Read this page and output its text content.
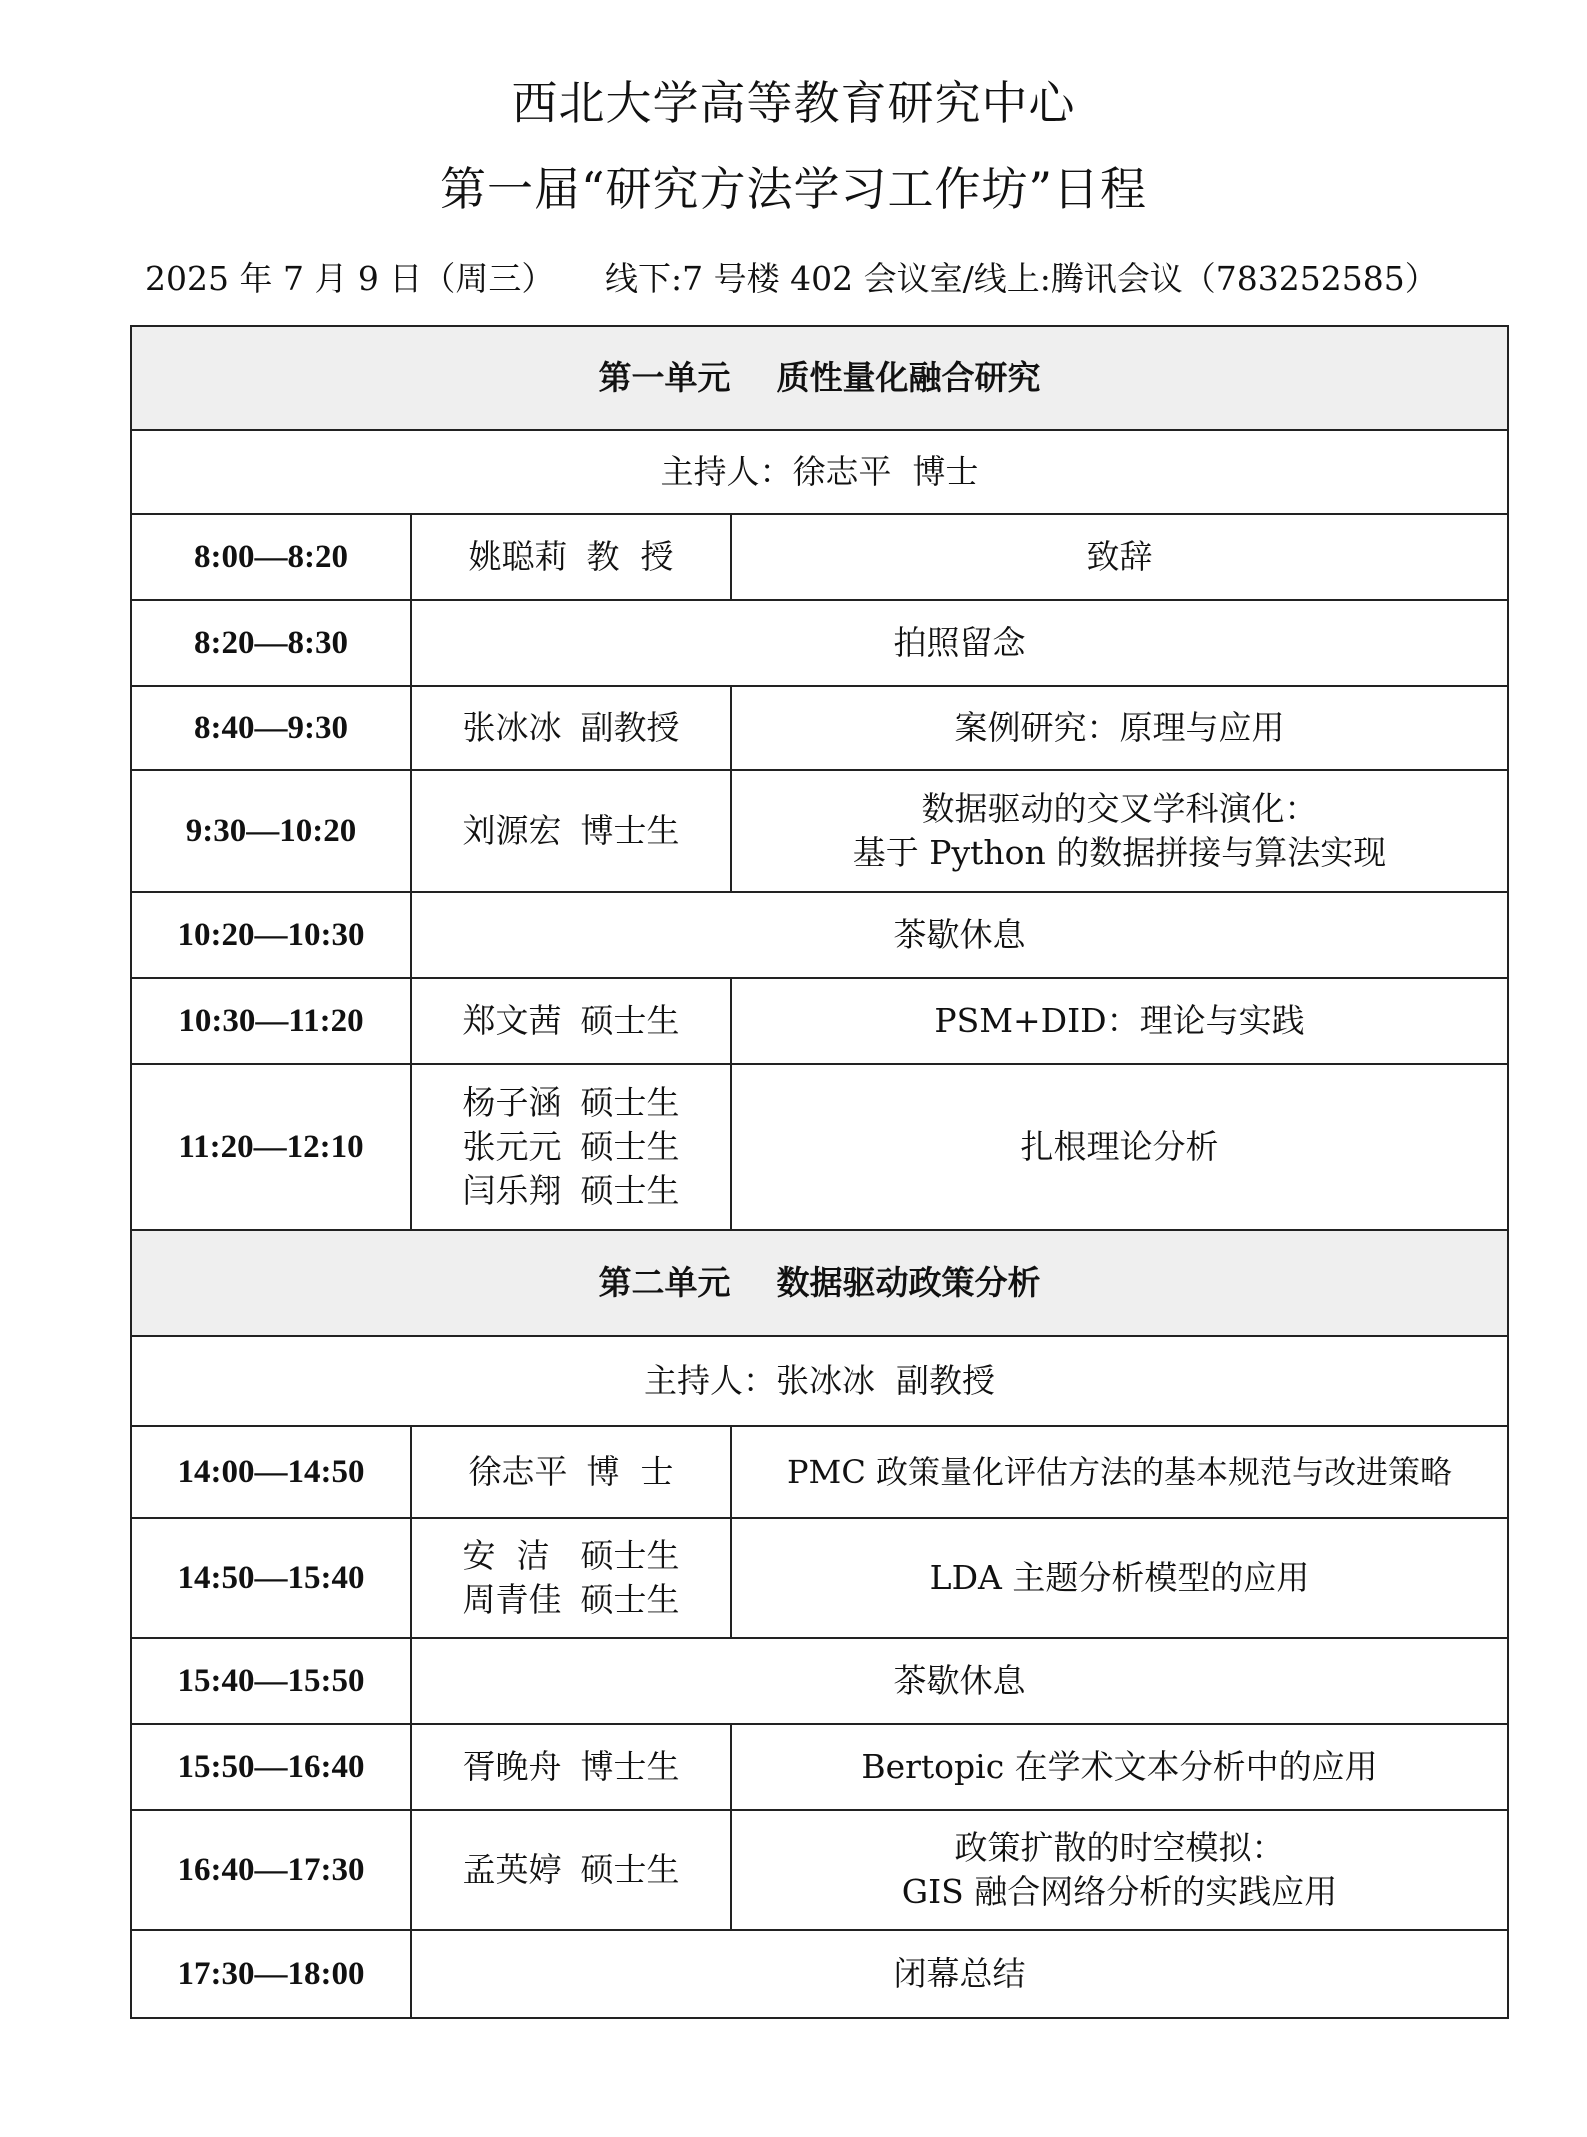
西北大学高等教育研究中心
第一届“研究方法学习工作坊”日程
2025 年 7 月 9 日（周三） 线下:7 号楼 402 会议室/线上:腾讯会议（783252585）
第一单元    质性量化融合研究		
主持人：徐志平  博士		
8:00—8:20	姚聪莉 教  授	致辞
8:20—8:30	拍照留念	
8:40—9:30	张冰冰 副教授	案例研究：原理与应用
9:30—10:20	刘源宏 博士生	数据驱动的交叉学科演化：
基于 Python 的数据拼接与算法实现

10:20—10:30	茶歇休息	
10:30—11:20	郑文茜 硕士生	PSM+DID：理论与实践
11:20—12:10	杨子涵 硕士生
张元元 硕士生
闫乐翔 硕士生	扎根理论分析
第二单元    数据驱动政策分析		
主持人：张冰冰  副教授		
14:00—14:50	徐志平 博  士	PMC 政策量化评估方法的基本规范与改进策略
14:50—15:40	安  洁 硕士生
周青佳 硕士生	LDA 主题分析模型的应用
15:40—15:50	茶歇休息	
15:50—16:40	胥晚舟 博士生	Bertopic 在学术文本分析中的应用
16:40—17:30	孟英婷 硕士生	政策扩散的时空模拟：
GIS 融合网络分析的实践应用

17:30—18:00	闭幕总结	
